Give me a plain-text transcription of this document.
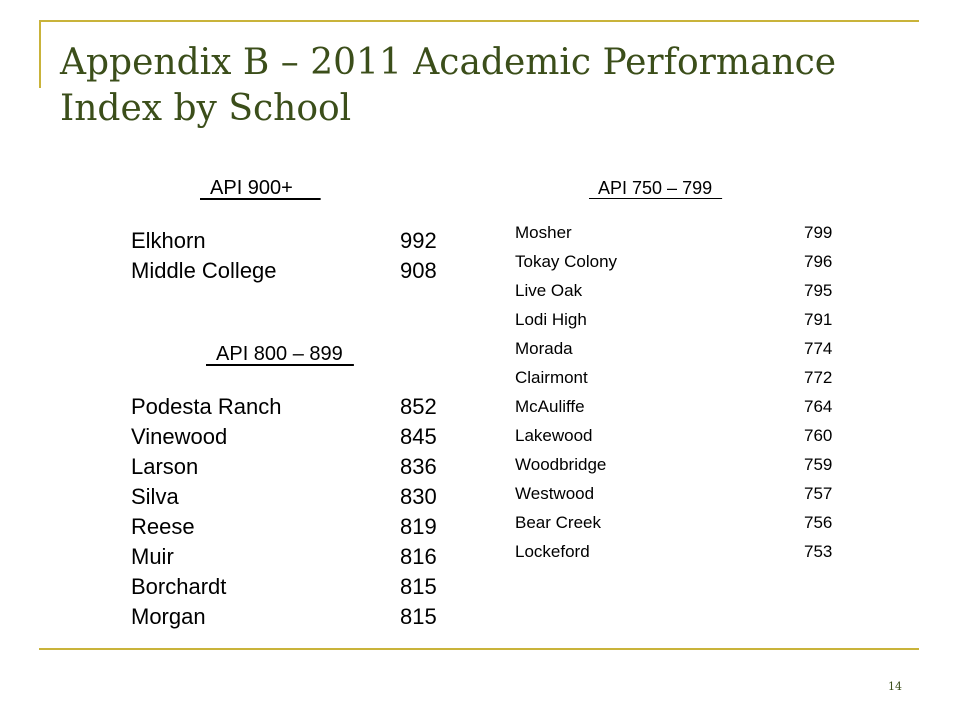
Appendix B – 2011 Academic Performance Index by School
API 900+
Elkhorn	992
Middle College	908
API 800 – 899
Podesta Ranch	852
Vinewood	845
Larson	836
Silva	830
Reese	819
Muir	816
Borchardt	815
Morgan	815
API 750 – 799
Mosher	799
Tokay Colony	796
Live Oak	795
Lodi High	791
Morada	774
Clairmont	772
McAuliffe	764
Lakewood	760
Woodbridge	759
Westwood	757
Bear Creek	756
Lockeford	753
14
